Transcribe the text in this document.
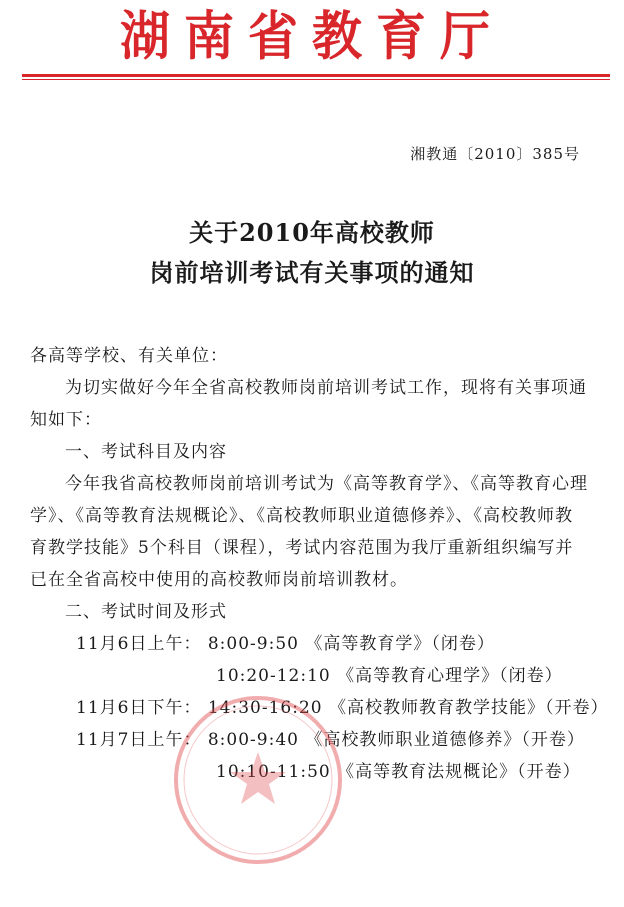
湖南省教育厅
湘教通〔2010〕385号
关于2010年高校教师
岗前培训考试有关事项的通知

各高等学校、有关单位：

为切实做好今年全省高校教师岗前培训考试工作，现将有关事项通知如下：

一、考试科目及内容

今年我省高校教师岗前培训考试为《高等教育学》、《高等教育心理学》、《高等教育法规概论》、《高校教师职业道德修养》、《高校教师教育教学技能》5个科目（课程），考试内容范围为我厅重新组织编写并已在全省高校中使用的高校教师岗前培训教材。

二、考试时间及形式

11月6日上午： 8:00-9:50 《高等教育学》（闭卷）
10:20-12:10 《高等教育心理学》（闭卷）
11月6日下午： 14:30-16:20 《高校教师教育教学技能》（开卷）
11月7日上午： 8:00-9:40 《高校教师职业道德修养》（开卷）
10:10-11:50 《高等教育法规概论》（开卷）
